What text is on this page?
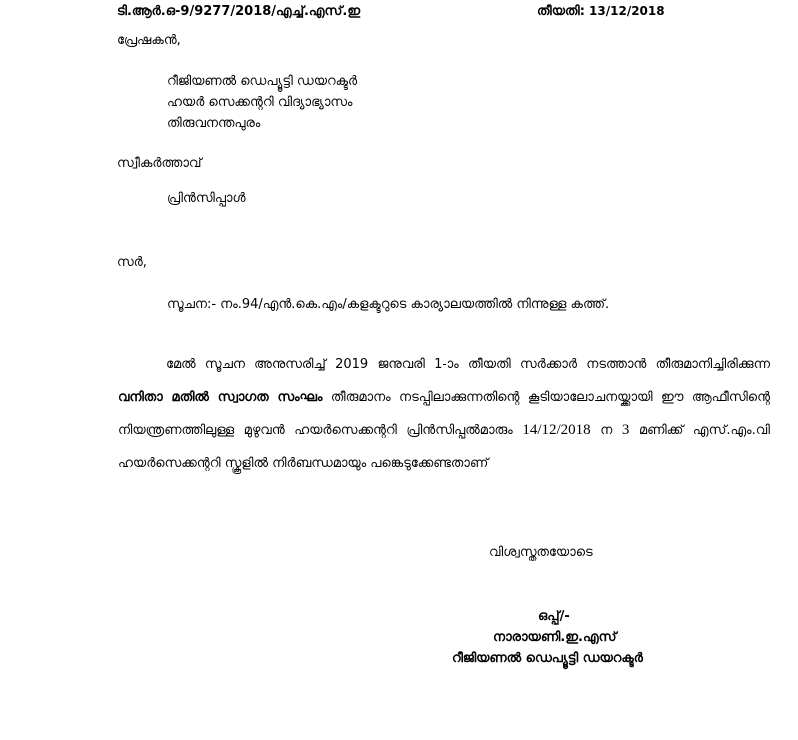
ടി.ആർ.ഒ-9/9277/2018/എച്ച്.എസ്.ഇ	തീയതി: 13/12/2018
പ്രേഷകൻ,
റീജിയണൽ ഡെപ്യൂട്ടി ഡയറക്ടർ
ഹയർ സെക്കന്ററി വിദ്യാഭ്യാസം
തിരുവനന്തപുരം
സ്വീകർത്താവ്
പ്രിൻസിപ്പാൾ
സർ,
സൂചന:- നം.94/എൻ.കെ.എം/കളക്ടറുടെ കാര്യാലയത്തിൽ നിന്നുള്ള കത്ത്.
മേൽ സൂചന അനുസരിച്ച് 2019 ജനുവരി 1-ാം തീയതി സർക്കാർ നടത്താൻ തീരുമാനിച്ചിരിക്കുന്ന വനിതാ മതിൽ സ്വാഗത സംഘം തീരുമാനം നടപ്പിലാക്കുന്നതിന്റെ കൂടിയാലോചനയ്ക്കായി ഈ ആഫീസിന്റെ നിയന്ത്രണത്തിലുള്ള മുഴുവൻ ഹയർസെക്കന്ററി പ്രിൻസിപ്പൽമാരും 14/12/2018 ന 3 മണിക്ക് എസ്.എം.വി ഹയർസെക്കന്ററി സ്കൂളിൽ നിർബന്ധമായും പങ്കെടുക്കേണ്ടതാണ്
വിശ്വസ്തതയോടെ
ഒപ്പ്/-
നാരായണി.ഇ.എസ്
റീജിയണൽ ഡെപ്യൂട്ടി ഡയറക്ടർ
